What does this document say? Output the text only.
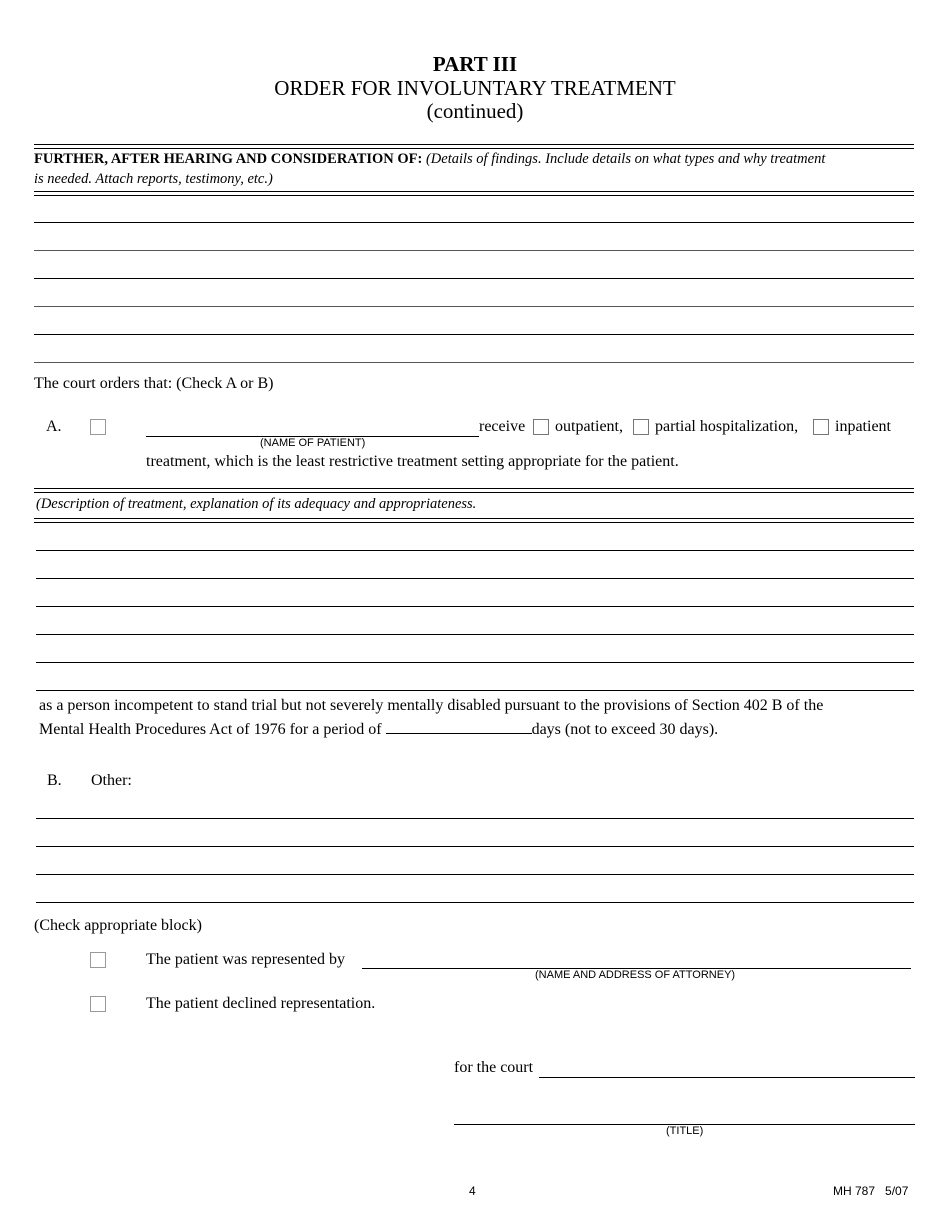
PART III
ORDER FOR INVOLUNTARY TREATMENT
(continued)
FURTHER, AFTER HEARING AND CONSIDERATION OF: (Details of findings. Include details on what types and why treatment
is needed. Attach reports, testimony, etc.)
The court orders that: (Check A or B)
A.
(NAME OF PATIENT)
receive outpatient, partial hospitalization, inpatient
treatment, which is the least restrictive treatment setting appropriate for the patient.
(Description of treatment, explanation of its adequacy and appropriateness.
as a person incompetent to stand trial but not severely mentally disabled pursuant to the provisions of Section 402 B of the
Mental Health Procedures Act of 1976 for a period of	days (not to exceed 30 days).
B. Other:
(Check appropriate block)
The patient was represented by
(NAME AND ADDRESS OF ATTORNEY)
The patient declined representation.
for the court
(TITLE)
4	MH 787   5/07
